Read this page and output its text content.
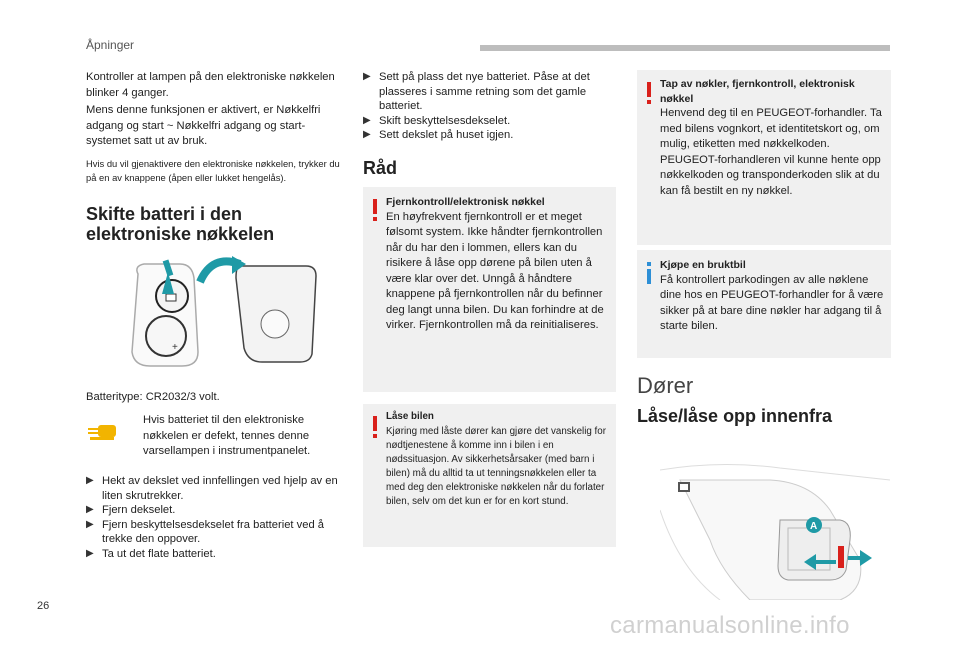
Åpninger

Kontroller at lampen på den elektroniske nøkkelen blinker 4 ganger.

Mens denne funksjonen er aktivert, er Nøkkelfri adgang og start ~ Nøkkelfri adgang og start-systemet satt ut av bruk.

Hvis du vil gjenaktivere den elektroniske nøkkelen, trykker du på en av knappene (åpen eller lukket hengelås).

Skifte batteri i den
elektroniske nøkkelen
+
Batteritype: CR2032/3 volt.

Hvis batteriet til den elektroniske nøkkelen er defekt, tennes denne varsellampen i instrumentpanelet.

▶ Hekt av dekslet ved innfellingen ved hjelp av en liten skrutrekker.
▶ Fjern dekselet.
▶ Fjern beskyttelsesdekselet fra batteriet ved å trekke den oppover.
▶ Ta ut det flate batteriet.
▶ Sett på plass det nye batteriet. Påse at det plasseres i samme retning som det gamle batteriet.
▶ Skift beskyttelsesdekselet.
▶ Sett dekslet på huset igjen.
Råd
Fjernkontroll/elektronisk nøkkel
En høyfrekvent fjernkontroll er et meget følsomt system. Ikke håndter fjernkontrollen når du har den i lommen, ellers kan du risikere å låse opp dørene på bilen uten å være klar over det. Unngå å håndtere knappene på fjernkontrollen når du befinner deg langt unna bilen. Du kan forhindre at de virker. Fjernkontrollen må da reinitialiseres.
Låse bilen
Kjøring med låste dører kan gjøre det vanskelig for nødtjenestene å komme inn i bilen i en nødssituasjon. Av sikkerhetsårsaker (med barn i bilen) må du alltid ta ut tenningsnøkkelen eller ta med deg den elektroniske nøkkelen når du forlater bilen, selv om det kun er for en kort stund.
Tap av nøkler, fjernkontroll, elektronisk nøkkel
Henvend deg til en PEUGEOT-forhandler. Ta med bilens vognkort, et identitetskort og, om mulig, etiketten med nøkkelkoden. PEUGEOT-forhandleren vil kunne hente opp nøkkelkoden og transponderkoden slik at du kan få bestilt en ny nøkkel.
Kjøpe en bruktbil
Få kontrollert parkodingen av alle nøklene dine hos en PEUGEOT-forhandler for å være sikker på at bare dine nøkler har adgang til å starte bilen.
Dører
Låse/låse opp innenfra
A
26
carmanualsonline.info
